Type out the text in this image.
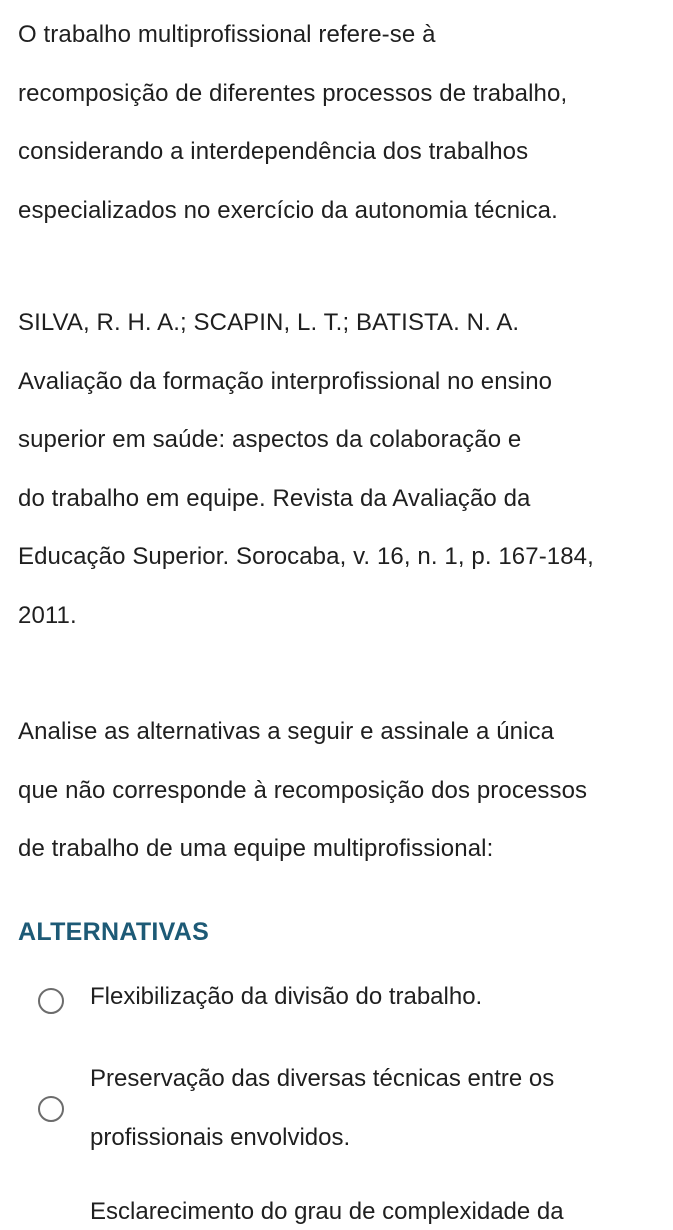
O trabalho multiprofissional refere-se à
recomposição de diferentes processos de trabalho,
considerando a interdependência dos trabalhos
especializados no exercício da autonomia técnica.
SILVA, R. H. A.; SCAPIN, L. T.; BATISTA. N. A.
Avaliação da formação interprofissional no ensino
superior em saúde: aspectos da colaboração e
do trabalho em equipe. Revista da Avaliação da
Educação Superior. Sorocaba, v. 16, n. 1, p. 167-184,
2011.
Analise as alternativas a seguir e assinale a única
que não corresponde à recomposição dos processos
de trabalho de uma equipe multiprofissional:
ALTERNATIVAS
Flexibilização da divisão do trabalho.
Preservação das diversas técnicas entre os
profissionais envolvidos.
Esclarecimento do grau de complexidade da
